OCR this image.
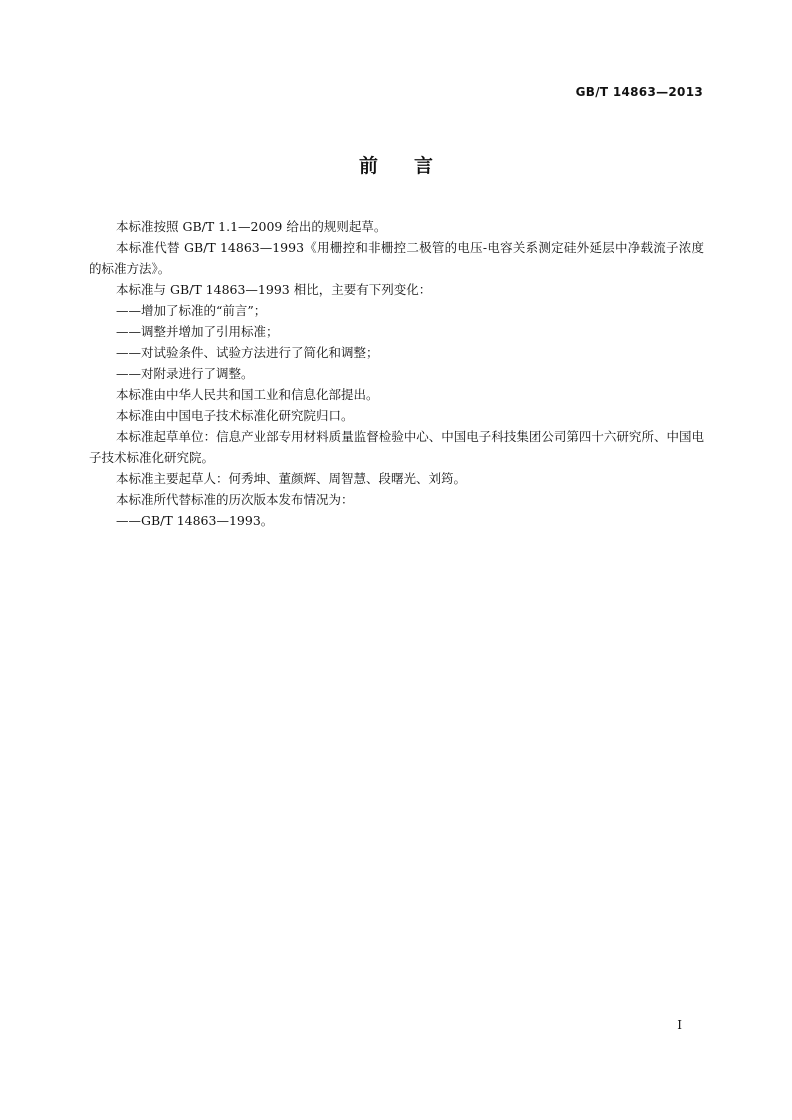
GB/T 14863—2013
前言

本标准按照 GB/T 1.1—2009 给出的规则起草。

本标准代替 GB/T 14863—1993《用栅控和非栅控二极管的电压-电容关系测定硅外延层中净载流子浓度的标准方法》。

本标准与 GB/T 14863—1993 相比，主要有下列变化：

——增加了标准的“前言”；

——调整并增加了引用标准；

——对试验条件、试验方法进行了简化和调整；

——对附录进行了调整。

本标准由中华人民共和国工业和信息化部提出。

本标准由中国电子技术标准化研究院归口。

本标准起草单位：信息产业部专用材料质量监督检验中心、中国电子科技集团公司第四十六研究所、中国电子技术标准化研究院。

本标准主要起草人：何秀坤、董颜辉、周智慧、段曙光、刘筠。

本标准所代替标准的历次版本发布情况为：

——GB/T 14863—1993。

I
